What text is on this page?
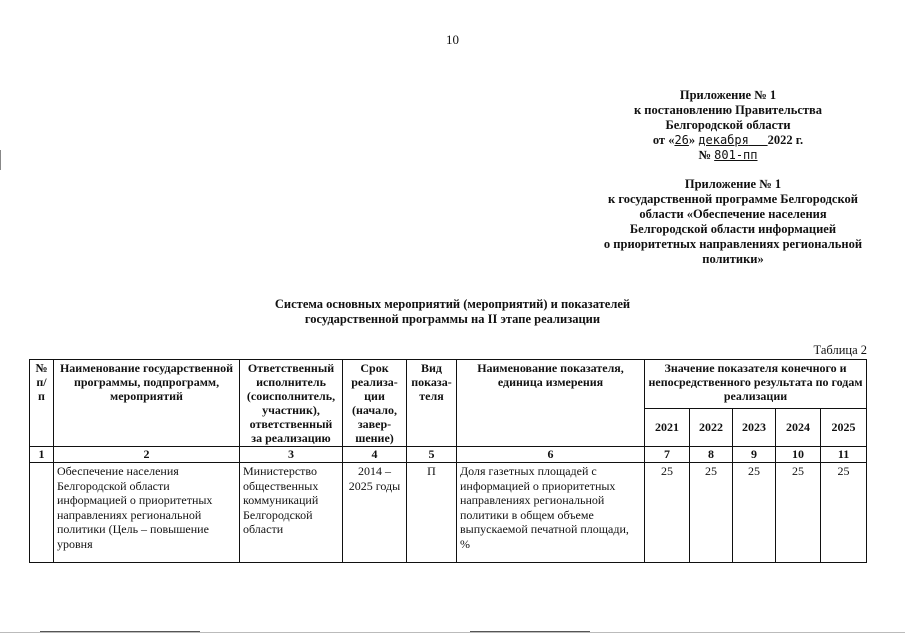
10
Приложение № 1
к постановлению Правительства
Белгородской области
от «26» декабря 2022 г.
№ 801-пп
Приложение № 1
к государственной программе Белгородской
области «Обеспечение населения
Белгородской области информацией
о приоритетных направлениях региональной
политики»
Система основных мероприятий (мероприятий) и показателей
государственной программы на II этапе реализации
Таблица 2
№ п/п	Наименование государственной программы, подпрограмм, мероприятий	Ответственный исполнитель (соисполнитель, участник), ответственный за реализацию	Срок реализа-ции (начало, завер-шение)	Вид показа-теля	Наименование показателя, единица измерения	Значение показателя конечного и непосредственного результата по годам реализации				
						2021	2022	2023	2024	2025
1	2	3	4	5	6	7	8	9	10	11
	Обеспечение населения Белгородской области информацией о приоритетных направлениях региональной политики (Цель – повышение уровня	Министерство общественных коммуникаций Белгородской области	2014 – 2025 годы	П	Доля газетных площадей с информацией о приоритетных направлениях региональной политики в общем объеме выпускаемой печатной площади, %	25	25	25	25	25
